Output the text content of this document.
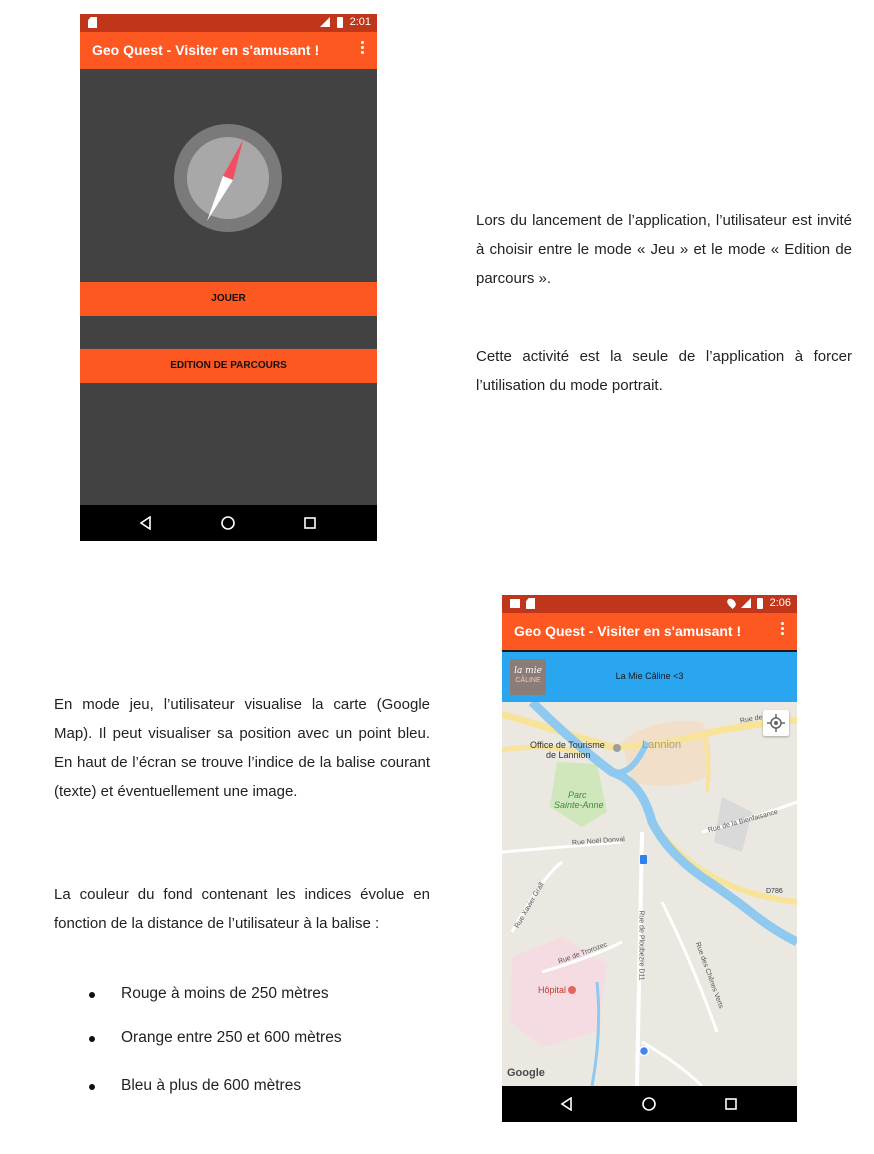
2:01
Geo Quest - Visiter en s'amusant !
JOUER
EDITION DE PARCOURS

Lors du lancement de l’application, l’utilisateur est invité à choisir entre le mode « Jeu » et le mode « Edition de parcours ».

Cette activité est la seule de l’application à forcer l’utilisation du mode portrait.

En mode jeu, l’utilisateur visualise la carte (Google Map). Il peut visualiser sa position avec un point bleu. En haut de l’écran se trouve l’indice de la balise courant (texte) et éventuellement une image.

La couleur du fond contenant les indices évolue en fonction de la distance de l’utilisateur à la balise :

Rouge à moins de 250 mètres
Orange entre 250 et 600 mètres
Bleu à plus de 600 mètres
2:06
Geo Quest - Visiter en s'amusant !
la mie
CÂLINE	La Mie Câline <3
Office de Tourisme
de Lannion
Lannion
Parc
Sainte-Anne
Rue Noël Donval
Rue de la Bienfaisance
Rue de
D786
Rue Xavier Grall
Rue de Trorozec	Rue de Ploubezre D11	Rue des Chênes Verts
Hôpital
Google
